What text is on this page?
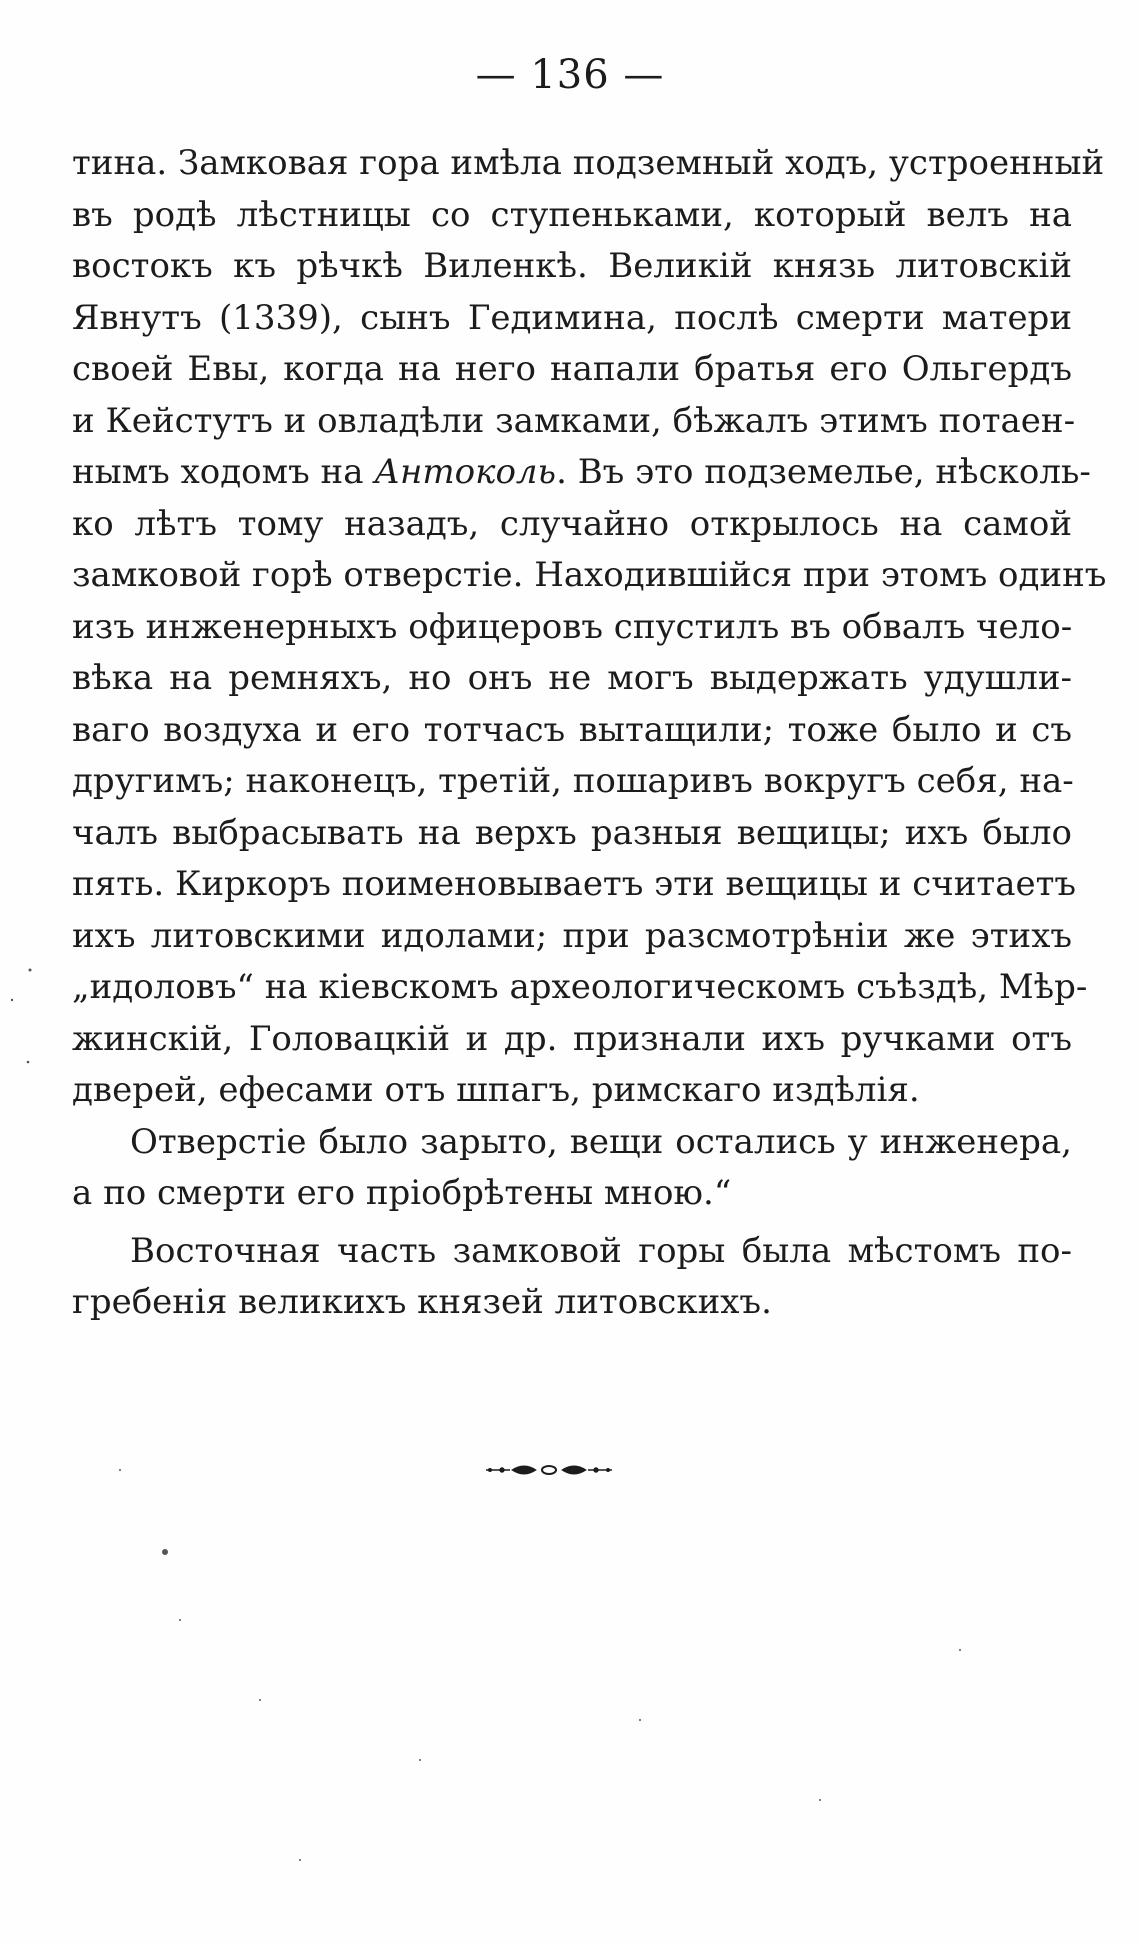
— 136 —
тина. Замковая гора имѣла подземный ходъ, устроенный
въ родѣ лѣстницы со ступеньками, который велъ на
востокъ къ рѣчкѣ Виленкѣ. Великій князь литовскій
Явнутъ (1339), сынъ Гедимина, послѣ смерти матери
своей Евы, когда на него напали братья его Ольгердъ
и Кейстутъ и овладѣли замками, бѣжалъ этимъ потаен-
нымъ ходомъ на Антоколь. Въ это подземелье, нѣсколь-
ко лѣтъ тому назадъ, случайно открылось на самой
замковой горѣ отверстіе. Находившійся при этомъ одинъ
изъ инженерныхъ офицеровъ спустилъ въ обвалъ чело-
вѣка на ремняхъ, но онъ не могъ выдержать удушли-
ваго воздуха и его тотчасъ вытащили; тоже было и съ
другимъ; наконецъ, третій, пошаривъ вокругъ себя, на-
чалъ выбрасывать на верхъ разныя вещицы; ихъ было
пять. Киркоръ поименовываетъ эти вещицы и считаетъ
ихъ литовскими идолами; при разсмотрѣніи же этихъ
„идоловъ“ на кіевскомъ археологическомъ съѣздѣ, Мѣр-
жинскій, Головацкій и др. признали ихъ ручками отъ
дверей, ефесами отъ шпагъ, римскаго издѣлія.
Отверстіе было зарыто, вещи остались у инженера,
а по смерти его пріобрѣтены мною.“
Восточная часть замковой горы была мѣстомъ по-
гребенія великихъ князей литовскихъ.
